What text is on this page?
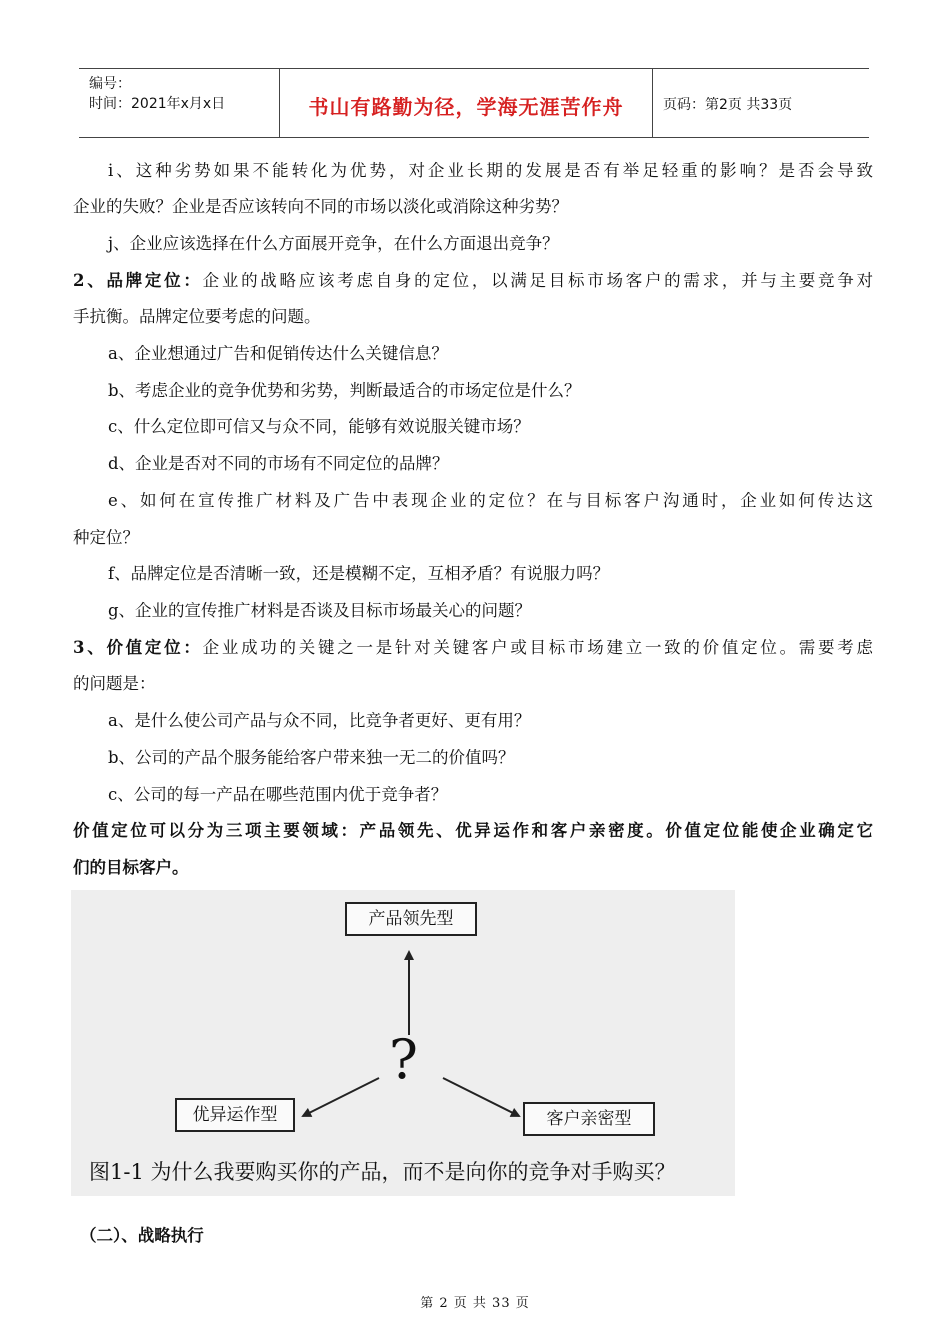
编号：
时间：2021年x月x日	书山有路勤为径，学海无涯苦作舟	页码：第2页 共33页
i、这种劣势如果不能转化为优势，对企业长期的发展是否有举足轻重的影响？是否会导致
企业的失败？企业是否应该转向不同的市场以淡化或消除这种劣势？
j、企业应该选择在什么方面展开竞争，在什么方面退出竞争？
2、品牌定位：企业的战略应该考虑自身的定位，以满足目标市场客户的需求，并与主要竞争对
手抗衡。品牌定位要考虑的问题。
a、企业想通过广告和促销传达什么关键信息？
b、考虑企业的竞争优势和劣势，判断最适合的市场定位是什么？
c、什么定位即可信又与众不同，能够有效说服关键市场？
d、企业是否对不同的市场有不同定位的品牌？
e、如何在宣传推广材料及广告中表现企业的定位？在与目标客户沟通时，企业如何传达这
种定位？
f、品牌定位是否清晰一致，还是模糊不定，互相矛盾？有说服力吗？
g、企业的宣传推广材料是否谈及目标市场最关心的问题？
3、价值定位：企业成功的关键之一是针对关键客户或目标市场建立一致的价值定位。需要考虑
的问题是：
a、是什么使公司产品与众不同，比竞争者更好、更有用？
b、公司的产品个服务能给客户带来独一无二的价值吗？
c、公司的每一产品在哪些范围内优于竞争者？
价值定位可以分为三项主要领域：产品领先、优异运作和客户亲密度。价值定位能使企业确定它
们的目标客户。

产品领先型
?
优异运作型	客户亲密型
图1-1 为什么我要购买你的产品，而不是向你的竞争对手购买？
（二）、战略执行
第 2 页 共 33 页
